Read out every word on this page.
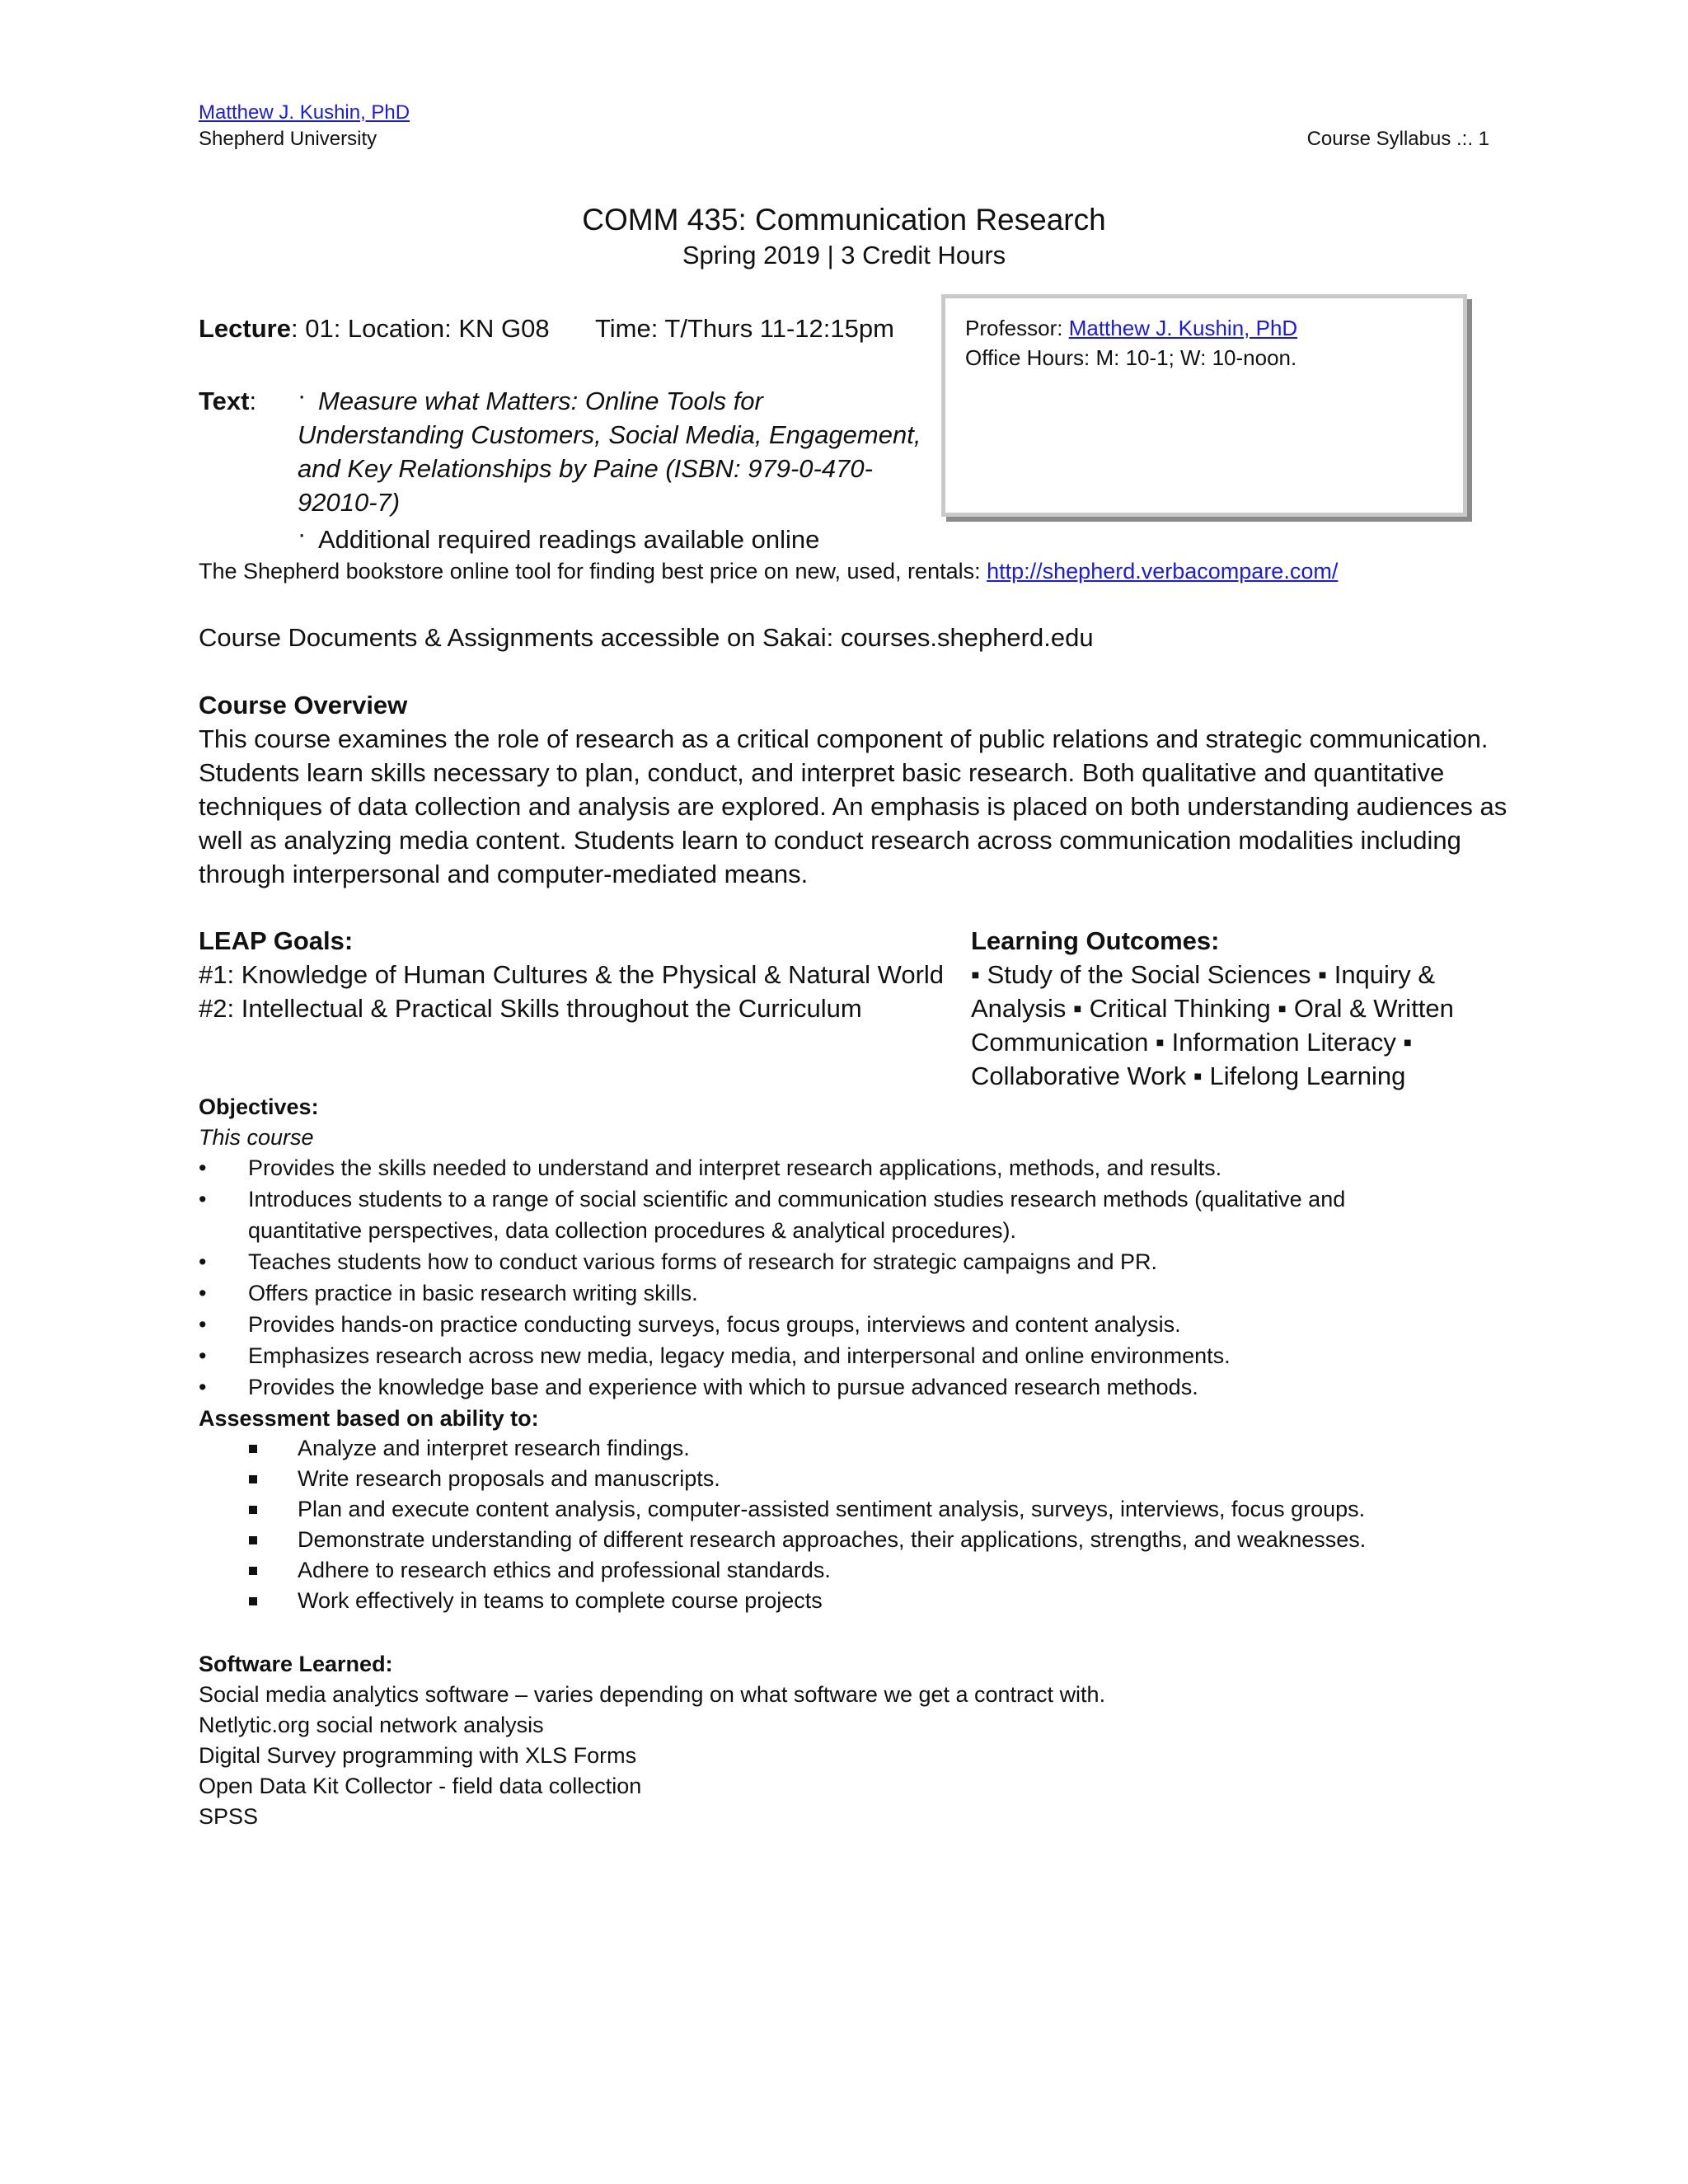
Matthew J. Kushin, PhD
Shepherd University	Course Syllabus .:. 1
COMM 435: Communication Research
Spring 2019 | 3 Credit Hours
Lecture: 01: Location: KN G08 Time: T/Thurs 11-12:15pm	Professor: Matthew J. Kushin, PhD
Office Hours: M: 10-1; W: 10-noon.
Text: · Measure what Matters: Online Tools for
Understanding Customers, Social Media, Engagement,
and Key Relationships by Paine (ISBN: 979-0-470-
92010-7)
· Additional required readings available online
The Shepherd bookstore online tool for finding best price on new, used, rentals: http://shepherd.verbacompare.com/
Course Documents & Assignments accessible on Sakai: courses.shepherd.edu
Course Overview
This course examines the role of research as a critical component of public relations and strategic communication.
Students learn skills necessary to plan, conduct, and interpret basic research. Both qualitative and quantitative
techniques of data collection and analysis are explored. An emphasis is placed on both understanding audiences as
well as analyzing media content. Students learn to conduct research across communication modalities including
through interpersonal and computer-mediated means.
LEAP Goals:
#1: Knowledge of Human Cultures & the Physical & Natural World
#2: Intellectual & Practical Skills throughout the Curriculum
Learning Outcomes:
▪ Study of the Social Sciences ▪ Inquiry &
Analysis ▪ Critical Thinking ▪ Oral & Written
Communication ▪ Information Literacy ▪
Collaborative Work ▪ Lifelong Learning
Objectives:
This course
•	Provides the skills needed to understand and interpret research applications, methods, and results.
•	Introduces students to a range of social scientific and communication studies research methods (qualitative and
quantitative perspectives, data collection procedures & analytical procedures).
•	Teaches students how to conduct various forms of research for strategic campaigns and PR.
•	Offers practice in basic research writing skills.
•	Provides hands-on practice conducting surveys, focus groups, interviews and content analysis.
•	Emphasizes research across new media, legacy media, and interpersonal and online environments.
•	Provides the knowledge base and experience with which to pursue advanced research methods.
Assessment based on ability to:
Analyze and interpret research findings.
Write research proposals and manuscripts.
Plan and execute content analysis, computer-assisted sentiment analysis, surveys, interviews, focus groups.
Demonstrate understanding of different research approaches, their applications, strengths, and weaknesses.
Adhere to research ethics and professional standards.
Work effectively in teams to complete course projects
Software Learned:
Social media analytics software – varies depending on what software we get a contract with.
Netlytic.org social network analysis
Digital Survey programming with XLS Forms
Open Data Kit Collector - field data collection
SPSS
